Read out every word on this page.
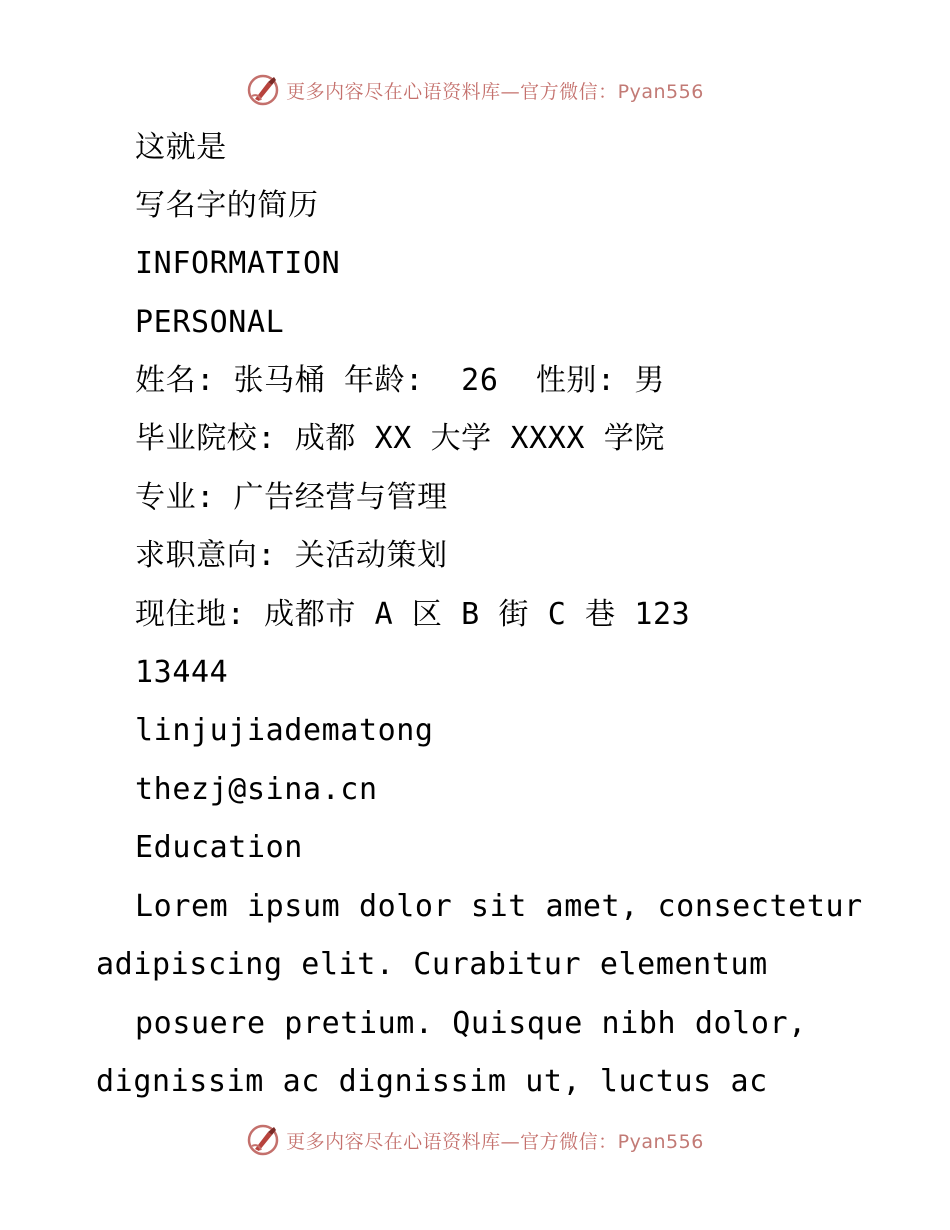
更多内容尽在心语资料库—官方微信：Pyan556
这就是
写名字的简历
INFORMATION
PERSONAL
姓名: 张马桶 年龄:  26  性别: 男
毕业院校: 成都 XX 大学 XXXX 学院
专业: 广告经营与管理
求职意向: 关活动策划
现住地: 成都市 A 区 B 街 C 巷 123
13444
linjujiadematong
thezj@sina.cn
Education
Lorem ipsum dolor sit amet, consectetur
adipiscing elit. Curabitur elementum
posuere pretium. Quisque nibh dolor,
dignissim ac dignissim ut, luctus ac
更多内容尽在心语资料库—官方微信：Pyan556
